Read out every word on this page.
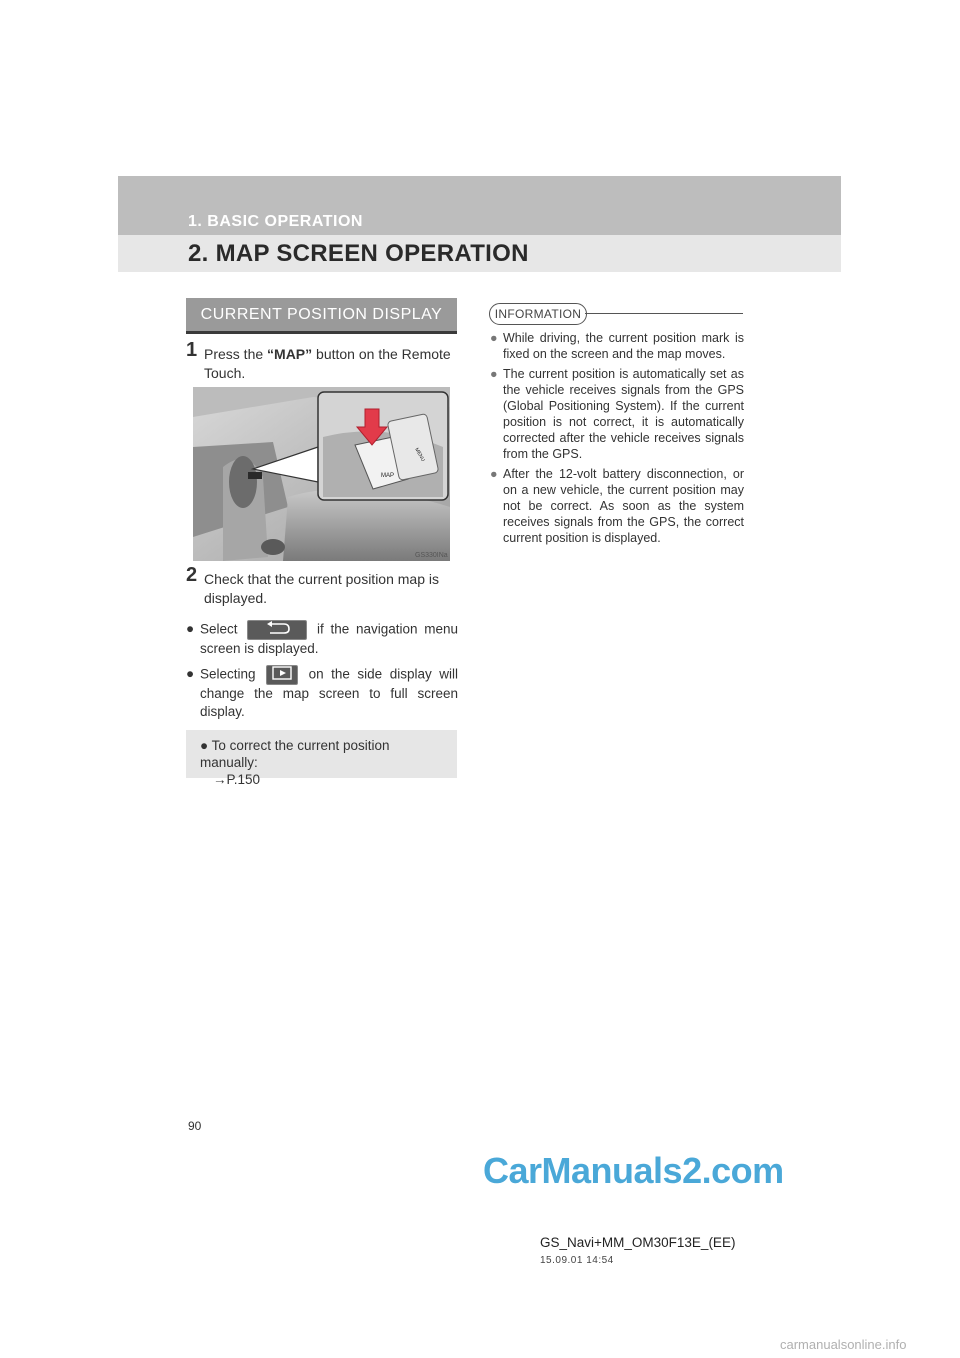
1. BASIC OPERATION
2. MAP SCREEN OPERATION
CURRENT POSITION DISPLAY
1 Press the “MAP” button on the Remote Touch.
MAP
MENU
GS330INa
2 Check that the current position map is displayed.
● Select	if the navigation menu screen is displayed.
● Selecting	on the side display will change the map screen to full screen display.
● To correct the current position manually:
→P.150
INFORMATION
● While driving, the current position mark is fixed on the screen and the map moves.
● The current position is automatically set as the vehicle receives signals from the GPS (Global Positioning System). If the current position is not correct, it is automatically corrected after the vehicle receives signals from the GPS.
● After the 12-volt battery disconnection, or on a new vehicle, the current position may not be correct. As soon as the system receives signals from the GPS, the correct current position is displayed.
90
CarManuals2.com
GS_Navi+MM_OM30F13E_(EE)
15.09.01 14:54
carmanualsonline.info
